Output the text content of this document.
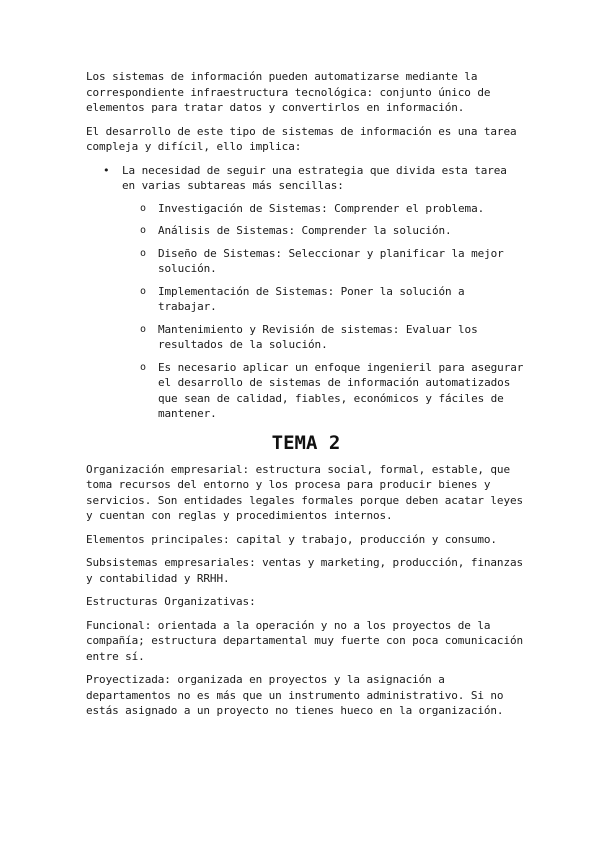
Los sistemas de información pueden automatizarse mediante la correspondiente infraestructura tecnológica: conjunto único de elementos para tratar datos y convertirlos en información.

El desarrollo de este tipo de sistemas de información es una tarea compleja y difícil, ello implica:

• La necesidad de seguir una estrategia que divida esta tarea en varias subtareas más sencillas:

o Investigación de Sistemas: Comprender el problema.

o Análisis de Sistemas: Comprender la solución.

o Diseño de Sistemas: Seleccionar y planificar la mejor solución.

o Implementación de Sistemas: Poner la solución a trabajar.

o Mantenimiento y Revisión de sistemas: Evaluar los resultados de la solución.

o Es necesario aplicar un enfoque ingenieril para asegurar el desarrollo de sistemas de información automatizados que sean de calidad, fiables, económicos y fáciles de mantener.

TEMA 2

Organización empresarial: estructura social, formal, estable, que toma recursos del entorno y los procesa para producir bienes y servicios. Son entidades legales formales porque deben acatar leyes y cuentan con reglas y procedimientos internos.

Elementos principales: capital y trabajo, producción y consumo.

Subsistemas empresariales: ventas y marketing, producción, finanzas y contabilidad y RRHH.

Estructuras Organizativas:

Funcional: orientada a la operación y no a los proyectos de la compañía; estructura departamental muy fuerte con poca comunicación entre sí.

Proyectizada: organizada en proyectos y la asignación a departamentos no es más que un instrumento administrativo. Si no estás asignado a un proyecto no tienes hueco en la organización.
